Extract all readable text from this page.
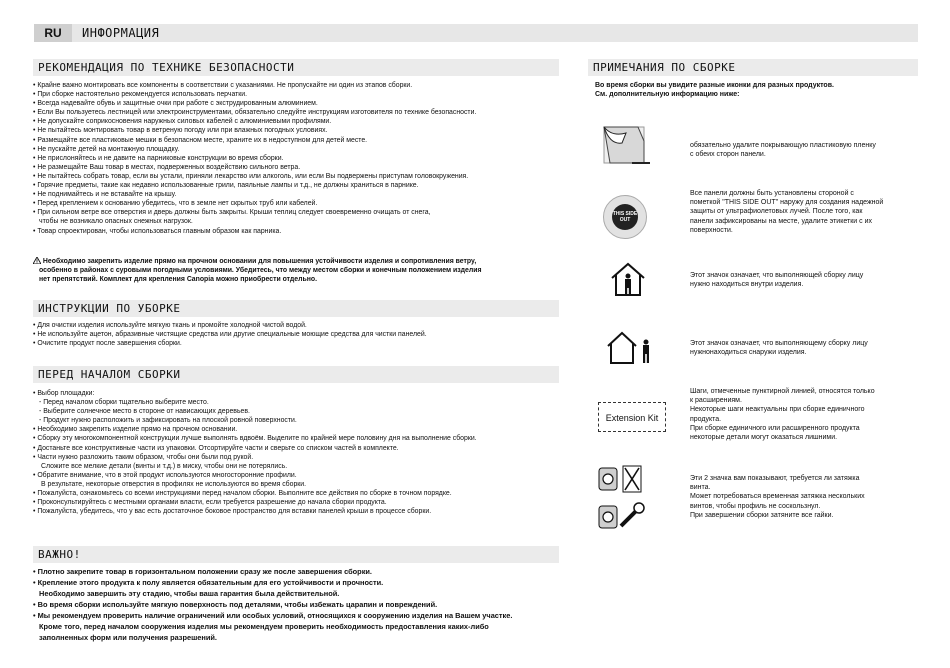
RU	ИНФОРМАЦИЯ
РЕКОМЕНДАЦИЯ ПО ТЕХНИКЕ БЕЗОПАСНОСТИ

• Крайне важно монтировать все компоненты в соответствии с указаниями. Не пропускайте ни один из этапов сборки.

• При сборке настоятельно рекомендуется использовать перчатки.

• Всегда надевайте обувь и защитные очки при работе с экструдированным алюминием.

• Если Вы пользуетесь лестницей или электроинструментами, обязательно следуйте инструкциям изготовителя по технике безопасности.

• Не допускайте соприкосновения наружных силовых кабелей с алюминиевыми профилями.

• Не пытайтесь монтировать товар в ветреную погоду или при влажных погодных условиях.

• Размещайте все пластиковые мешки в безопасном месте, храните их в недоступном для детей месте.

• Не пускайте детей на монтажную площадку.

• Не прислоняйтесь и не давите на парниковые конструкции во время сборки.

• Не размещайте Ваш товар в местах, подверженных воздействию сильного ветра.

• Не пытайтесь собрать товар, если вы устали, приняли лекарство или алкоголь, или если Вы подвержены приступам головокружения.

• Горячие предметы, такие как недавно использованные грили, паяльные лампы и т.д., не должны храниться в парнике.

• Не поднимайтесь и не вставайте на крышу.

• Перед креплением к основанию убедитесь, что в земле нет скрытых труб или кабелей.

• При сильном ветре все отверстия и дверь должны быть закрыты. Крыши теплиц следует своевременно очищать от снега,

чтобы не возникало опасных снежных нагрузок.

• Товар спроектирован, чтобы использоваться главным образом как парника.

Необходимо закрепить изделие прямо на прочном основании для повышения устойчивости изделия и сопротивления ветру,

особенно в районах с суровыми погодными условиями. Убедитесь, что между местом сборки и конечным положением изделия

нет препятствий. Комплект для крепления Canopia можно приобрести отдельно.

ИНСТРУКЦИИ ПО УБОРКЕ

• Для очистки изделия используйте мягкую ткань и промойте холодной чистой водой.

• Не используйте ацетон, абразивные чистящие средства или другие специальные моющие средства для чистки панелей.

• Очистите продукт после завершения сборки.

ПЕРЕД НАЧАЛОМ СБОРКИ

• Выбор площадки:

- Перед началом сборки тщательно выберите место.

- Выберите солнечное место в стороне от нависающих деревьев.

- Продукт нужно расположить и зафиксировать на плоской ровной поверхности.

• Необходимо закрепить изделие прямо на прочном основании.

• Сборку эту многокомпонентной конструкции лучше выполнять вдвоём. Выделите по крайней мере половину дня на выполнение сборки.

• Достаньте все конструктивные части из упаковки. Отсортируйте части и сверьте со списком частей в комплекте.

• Части нужно разложить таким образом, чтобы они были под рукой.

Сложите все мелкие детали (винты и т.д.) в миску, чтобы они не потерялись.

• Обратите внимание, что в этой продукт используются многосторонние профили.

В результате, некоторые отверстия в профилях не используются во время сборки.

• Пожалуйста, ознакомьтесь со всеми инструкциями перед началом сборки. Выполните все действия по сборке в точном порядке.

• Проконсультируйтесь с местными органами власти, если требуется разрешение до начала сборки продукта.

• Пожалуйста, убедитесь, что у вас есть достаточное боковое пространство для вставки панелей крыши в процессе сборки.

ВАЖНО!

• Плотно закрепите товар в горизонтальном положении сразу же после завершения сборки.

• Крепление этого продукта к полу является обязательным для его устойчивости и прочности.

Необходимо завершить эту стадию, чтобы ваша гарантия была действительной.

• Во время сборки используйте мягкую поверхность под деталями, чтобы избежать царапин и повреждений.

• Мы рекомендуем проверить наличие ограничений или особых условий, относящихся к сооружению изделия на Вашем участке.

Кроме того, перед началом сооружения изделия мы рекомендуем проверить необходимость предоставления каких-либо

заполненных форм или получения разрешений.

ПРИМЕЧАНИЯ ПО СБОРКЕ

Во время сборки вы увидите разные иконки для разных продуктов.

См. дополнительную информацию ниже:

обязательно удалите покрывающую пластиковую пленку

с обеих сторон панели.

THIS SIDE OUT

Все панели должны быть установлены стороной с

пометкой "THIS SIDE OUT" наружу для создания надежной

защиты от ультрафиолетовых лучей. После того, как

панели зафиксированы на месте, удалите этикетки с их

поверхности.

Этот значок означает, что выполняющей сборку лицу

нужно находиться внутри изделия.

Этот значок означает, что выполняющему сборку лицу

нужнонаходиться снаружи изделия.

Extension Kit

Шаги, отмеченные пунктирной линией, относятся только

к расширениям.

Некоторые шаги неактуальны при сборке единичного

продукта.

При сборке единичного или расширенного продукта

некоторые детали могут оказаться лишними.

Эти 2 значка вам показывают, требуется ли затяжка

винта.

Может потребоваться временная затяжка нескольких

винтов, чтобы профиль не соскользнул.

При завершении сборки затяните все гайки.
